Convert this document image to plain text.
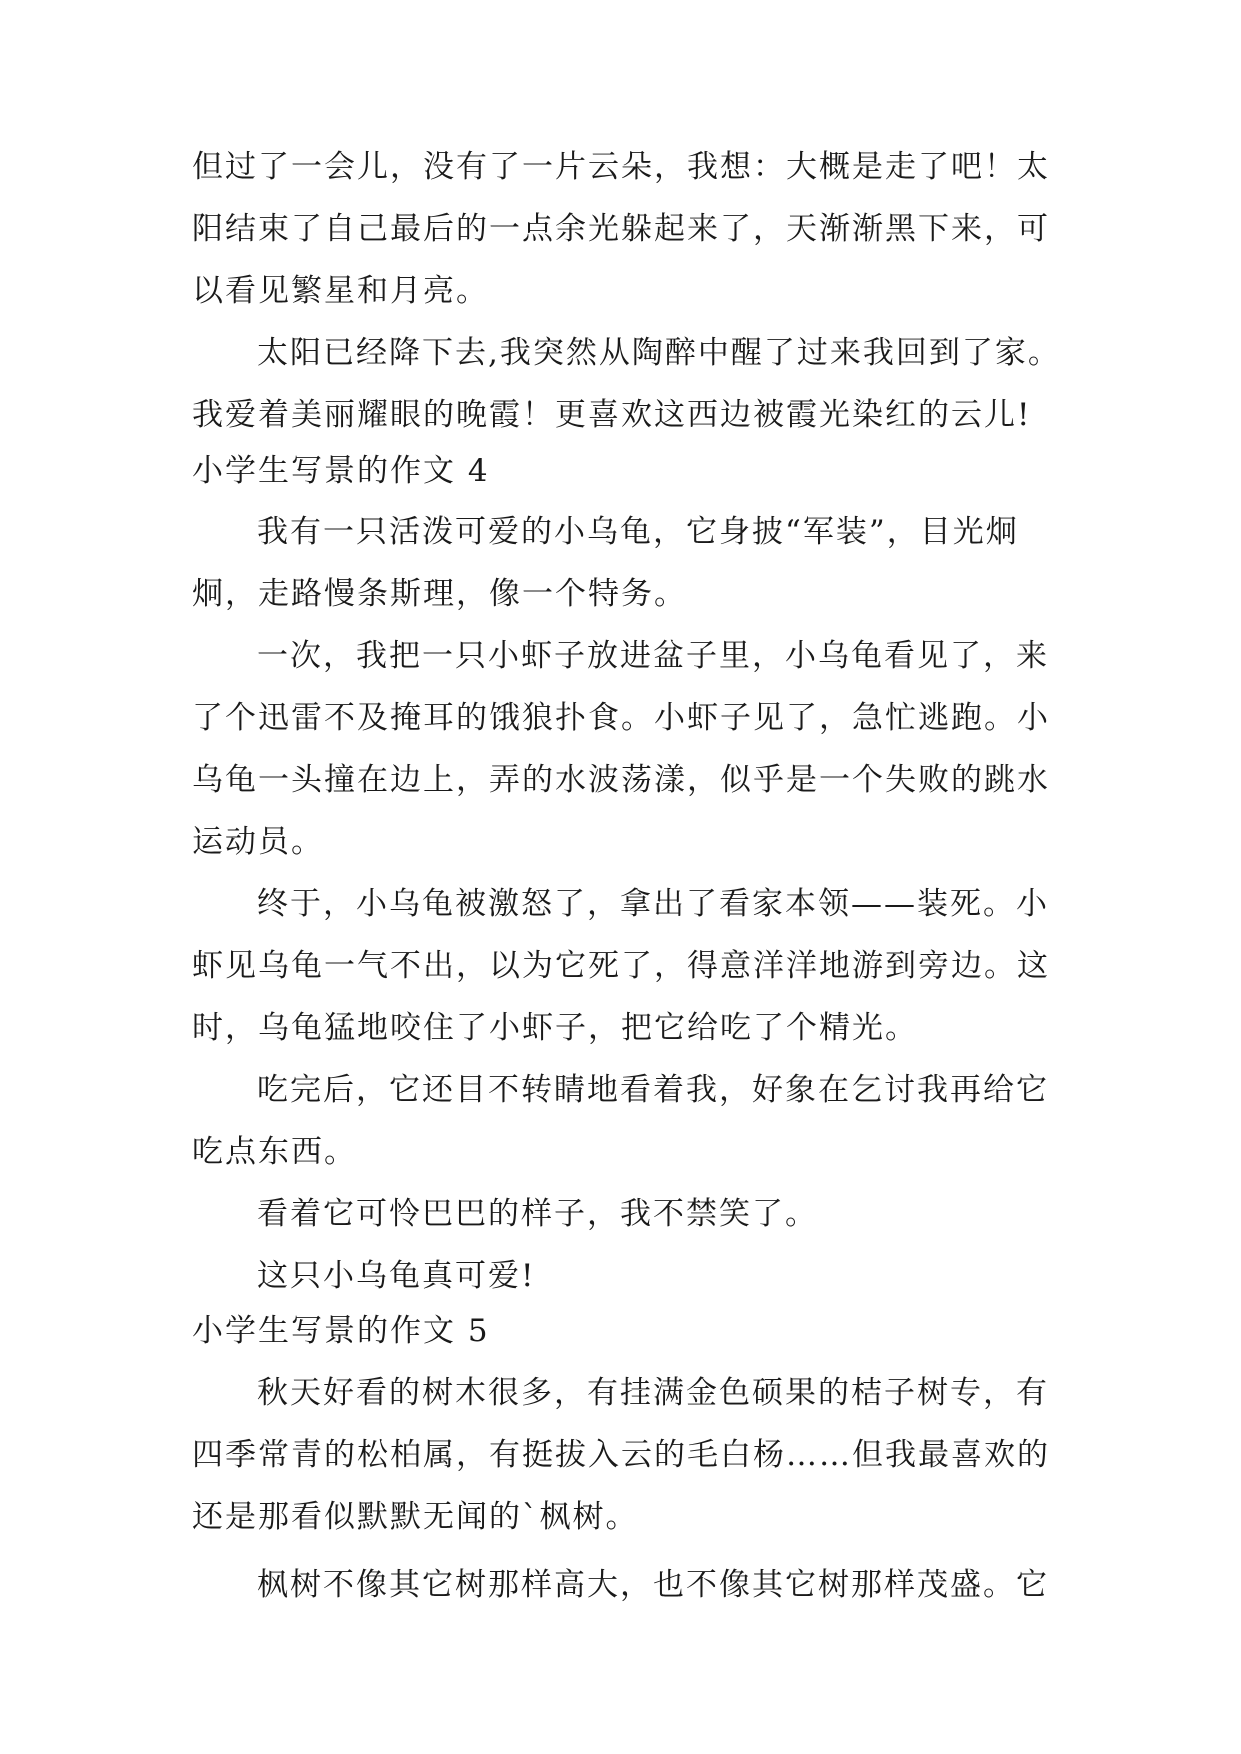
但过了一会儿，没有了一片云朵，我想：大概是走了吧！太
阳结束了自己最后的一点余光躲起来了，天渐渐黑下来，可
以看见繁星和月亮。
太阳已经降下去,我突然从陶醉中醒了过来我回到了家。
我爱着美丽耀眼的晚霞！更喜欢这西边被霞光染红的云儿!
小学生写景的作文 4
我有一只活泼可爱的小乌龟，它身披“军装”，目光炯
炯，走路慢条斯理，像一个特务。
一次，我把一只小虾子放进盆子里，小乌龟看见了，来
了个迅雷不及掩耳的饿狼扑食。小虾子见了，急忙逃跑。小
乌龟一头撞在边上，弄的水波荡漾，似乎是一个失败的跳水
运动员。
终于，小乌龟被激怒了，拿出了看家本领——装死。小
虾见乌龟一气不出，以为它死了，得意洋洋地游到旁边。这
时，乌龟猛地咬住了小虾子，把它给吃了个精光。
吃完后，它还目不转睛地看着我，好象在乞讨我再给它
吃点东西。
看着它可怜巴巴的样子，我不禁笑了。
这只小乌龟真可爱!
小学生写景的作文 5
秋天好看的树木很多，有挂满金色硕果的桔子树专，有
四季常青的松柏属，有挺拔入云的毛白杨……但我最喜欢的
还是那看似默默无闻的`枫树。
枫树不像其它树那样高大，也不像其它树那样茂盛。它
